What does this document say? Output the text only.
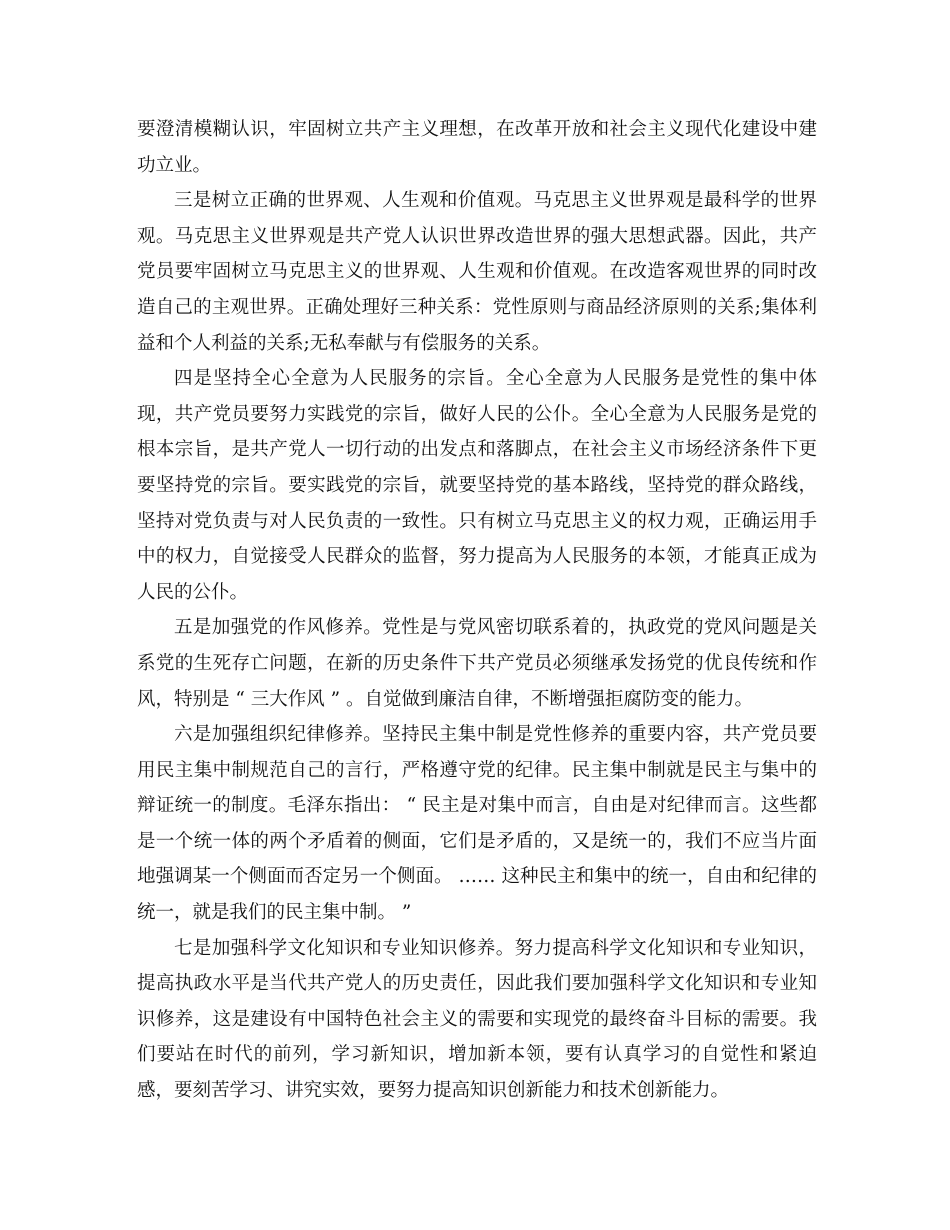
要澄清模糊认识，牢固树立共产主义理想，在改革开放和社会主义现代化建设中建功立业。

三是树立正确的世界观、人生观和价值观。马克思主义世界观是最科学的世界观。马克思主义世界观是共产党人认识世界改造世界的强大思想武器。因此，共产党员要牢固树立马克思主义的世界观、人生观和价值观。在改造客观世界的同时改造自己的主观世界。正确处理好三种关系：党性原则与商品经济原则的关系;集体利益和个人利益的关系;无私奉献与有偿服务的关系。

四是坚持全心全意为人民服务的宗旨。全心全意为人民服务是党性的集中体现，共产党员要努力实践党的宗旨，做好人民的公仆。全心全意为人民服务是党的根本宗旨，是共产党人一切行动的出发点和落脚点，在社会主义市场经济条件下更要坚持党的宗旨。要实践党的宗旨，就要坚持党的基本路线，坚持党的群众路线，坚持对党负责与对人民负责的一致性。只有树立马克思主义的权力观，正确运用手中的权力，自觉接受人民群众的监督，努力提高为人民服务的本领，才能真正成为人民的公仆。

五是加强党的作风修养。党性是与党风密切联系着的，执政党的党风问题是关系党的生死存亡问题，在新的历史条件下共产党员必须继承发扬党的优良传统和作风，特别是 “ 三大作风 ” 。自觉做到廉洁自律，不断增强拒腐防变的能力。

六是加强组织纪律修养。坚持民主集中制是党性修养的重要内容，共产党员要用民主集中制规范自己的言行，严格遵守党的纪律。民主集中制就是民主与集中的辩证统一的制度。毛泽东指出： “ 民主是对集中而言，自由是对纪律而言。这些都是一个统一体的两个矛盾着的侧面，它们是矛盾的，又是统一的，我们不应当片面地强调某一个侧面而否定另一个侧面。 …… 这种民主和集中的统一，自由和纪律的统一，就是我们的民主集中制。 ”

七是加强科学文化知识和专业知识修养。努力提高科学文化知识和专业知识，提高执政水平是当代共产党人的历史责任，因此我们要加强科学文化知识和专业知识修养，这是建设有中国特色社会主义的需要和实现党的最终奋斗目标的需要。我们要站在时代的前列，学习新知识，增加新本领，要有认真学习的自觉性和紧迫感，要刻苦学习、讲究实效，要努力提高知识创新能力和技术创新能力。
